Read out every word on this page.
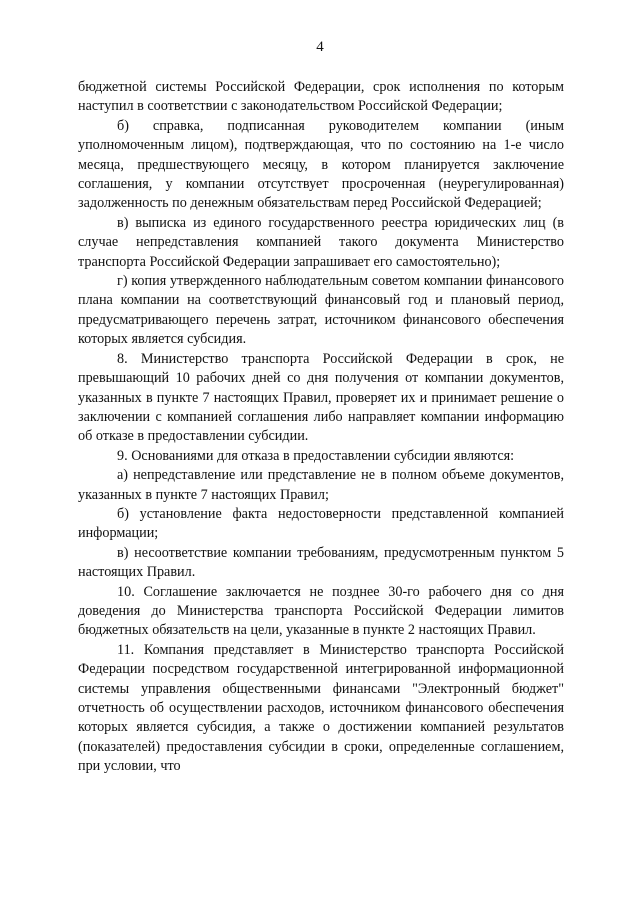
4

бюджетной системы Российской Федерации, срок исполнения по которым наступил в соответствии с законодательством Российской Федерации;

б) справка, подписанная руководителем компании (иным уполномоченным лицом), подтверждающая, что по состоянию на 1-е число месяца, предшествующего месяцу, в котором планируется заключение соглашения, у компании отсутствует просроченная (неурегулированная) задолженность по денежным обязательствам перед Российской Федерацией;

в) выписка из единого государственного реестра юридических лиц (в случае непредставления компанией такого документа Министерство транспорта Российской Федерации запрашивает его самостоятельно);

г) копия утвержденного наблюдательным советом компании финансового плана компании на соответствующий финансовый год и плановый период, предусматривающего перечень затрат, источником финансового обеспечения которых является субсидия.

8. Министерство транспорта Российской Федерации в срок, не превышающий 10 рабочих дней со дня получения от компании документов, указанных в пункте 7 настоящих Правил, проверяет их и принимает решение о заключении с компанией соглашения либо направляет компании информацию об отказе в предоставлении субсидии.

9. Основаниями для отказа в предоставлении субсидии являются:

а) непредставление или представление не в полном объеме документов, указанных в пункте 7 настоящих Правил;

б) установление факта недостоверности представленной компанией информации;

в) несоответствие компании требованиям, предусмотренным пунктом 5 настоящих Правил.

10. Соглашение заключается не позднее 30-го рабочего дня со дня доведения до Министерства транспорта Российской Федерации лимитов бюджетных обязательств на цели, указанные в пункте 2 настоящих Правил.

11. Компания представляет в Министерство транспорта Российской Федерации посредством государственной интегрированной информационной системы управления общественными финансами "Электронный бюджет" отчетность об осуществлении расходов, источником финансового обеспечения которых является субсидия, а также о достижении компанией результатов (показателей) предоставления субсидии в сроки, определенные соглашением, при условии, что
